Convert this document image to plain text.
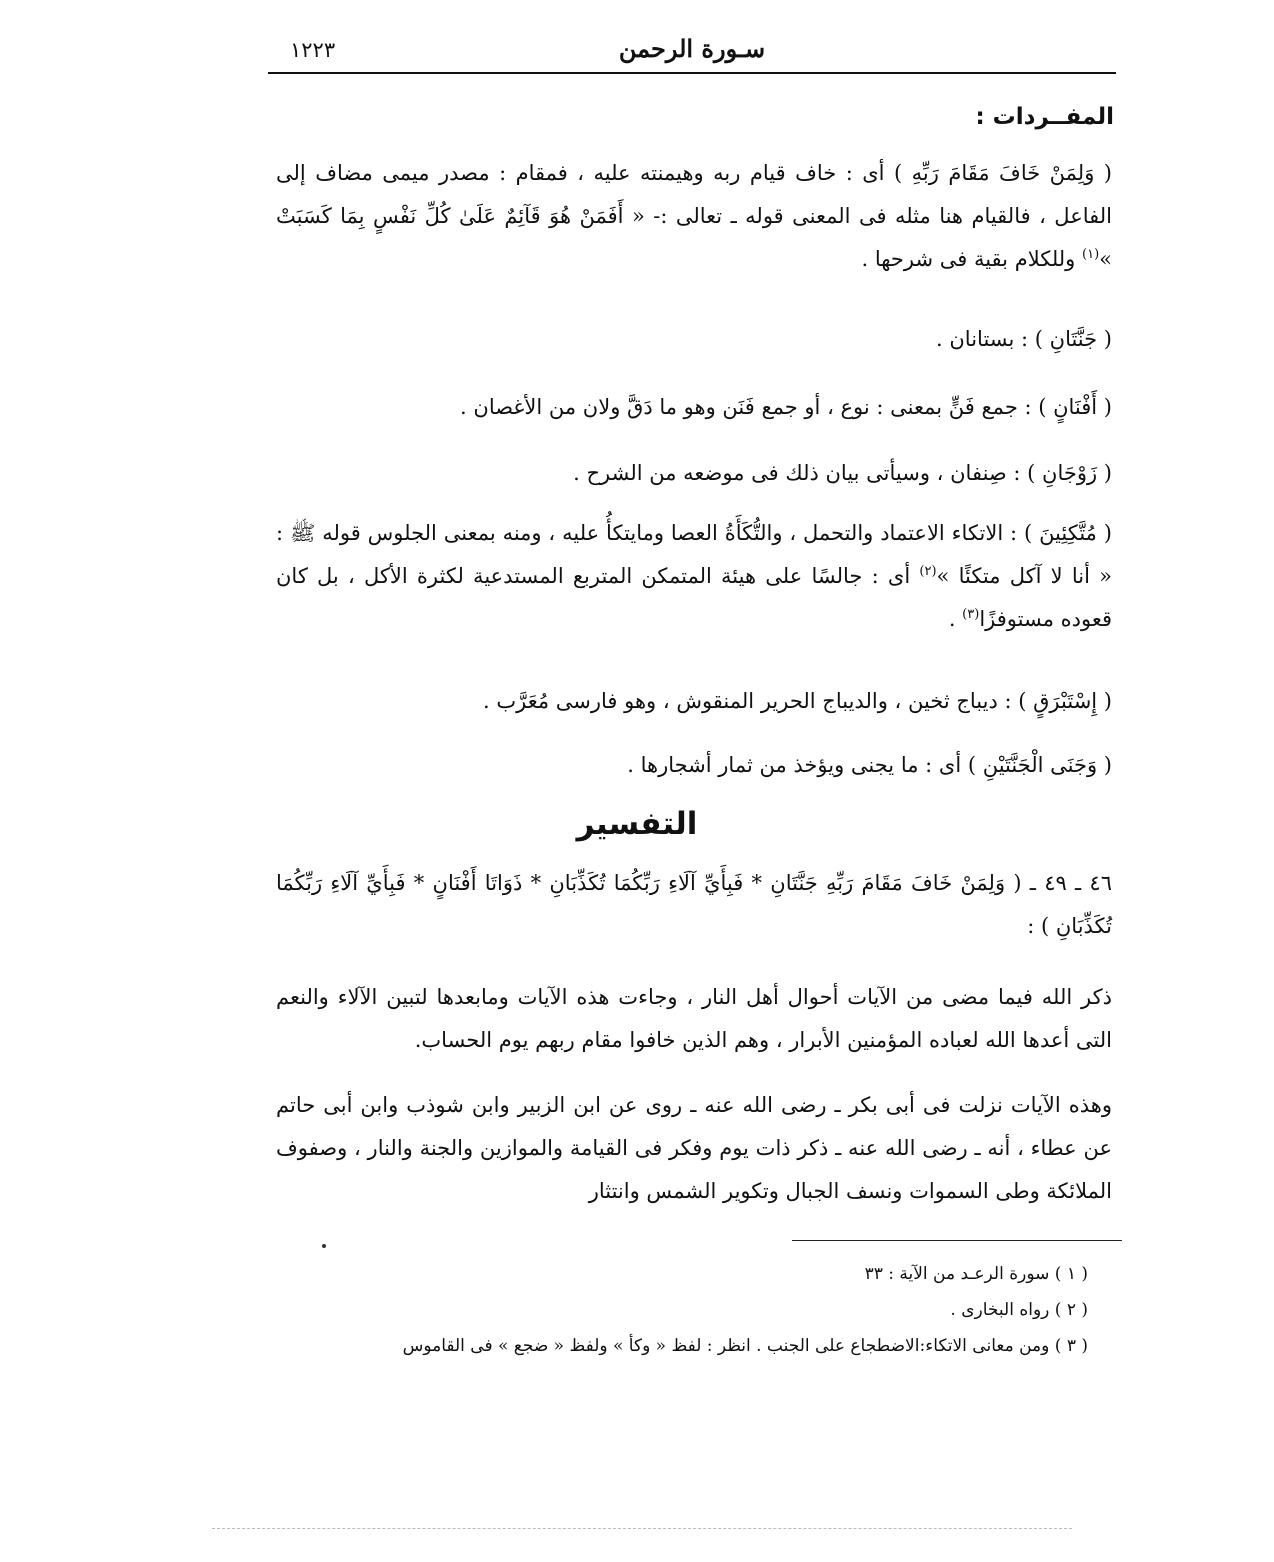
سـورة الرحمن
١٢٢٣
المفــردات :

( وَلِمَنْ خَافَ مَقَامَ رَبِّهِ ) أى : خاف قيام ربه وهيمنته عليه ، فمقام : مصدر ميمى مضاف إلى الفاعل ، فالقيام هنا مثله فى المعنى قوله ـ تعالى :- « أَفَمَنْ هُوَ قَآئِمٌ عَلَىٰ كُلِّ نَفْسٍ بِمَا كَسَبَتْ »$^{(١)}$ وللكلام بقية فى شرحها .

( جَنَّتَانِ ) : بستانان .

( أَفْنَانٍ ) : جمع فَنٍّ بمعنى : نوع ، أو جمع فَنَن وهو ما دَقَّ ولان من الأغصان .

( زَوْجَانِ ) : صِنفان ، وسيأتى بيان ذلك فى موضعه من الشرح .

( مُتَّكِئِينَ ) : الاتكاء الاعتماد والتحمل ، والتُّكَأَةُ العصا ومايتكأُ عليه ، ومنه بمعنى الجلوس قوله ﷺ : « أنا لا آكل متكئًا »$^{(٢)}$ أى : جالسًا على هيئة المتمكن المتربع المستدعية لكثرة الأكل ، بل كان قعوده مستوفزًا$^{(٣)}$ .

( إِسْتَبْرَقٍ ) : ديباج ثخين ، والديباج الحرير المنقوش ، وهو فارسى مُعَرَّب .

( وَجَنَى الْجَنَّتَيْنِ ) أى : ما يجنى ويؤخذ من ثمار أشجارها .

التفسير

٤٦ ـ ٤٩ ـ ( وَلِمَنْ خَافَ مَقَامَ رَبِّهِ جَنَّتَانِ * فَبِأَيِّ آلَاءِ رَبِّكُمَا تُكَذِّبَانِ * ذَوَاتَا أَفْنَانٍ * فَبِأَيِّ آلَاءِ رَبِّكُمَا تُكَذِّبَانِ ) :

ذكر الله فيما مضى من الآيات أحوال أهل النار ، وجاءت هذه الآيات ومابعدها لتبين الآلاء والنعم التى أعدها الله لعباده المؤمنين الأبرار ، وهم الذين خافوا مقام ربهم يوم الحساب.

وهذه الآيات نزلت فى أبى بكر ـ رضى الله عنه ـ روى عن ابن الزبير وابن شوذب وابن أبى حاتم عن عطاء ، أنه ـ رضى الله عنه ـ ذكر ذات يوم وفكر فى القيامة والموازين والجنة والنار ، وصفوف الملائكة وطى السموات ونسف الجبال وتكوير الشمس وانتثار

( ١ ) سورة الرعـد من الآية : ٣٣
( ٢ ) رواه البخارى .
( ٣ ) ومن معانى الاتكاء:الاضطجاع على الجنب . انظر : لفظ « وكأ » ولفظ « ضجع » فى القاموس
